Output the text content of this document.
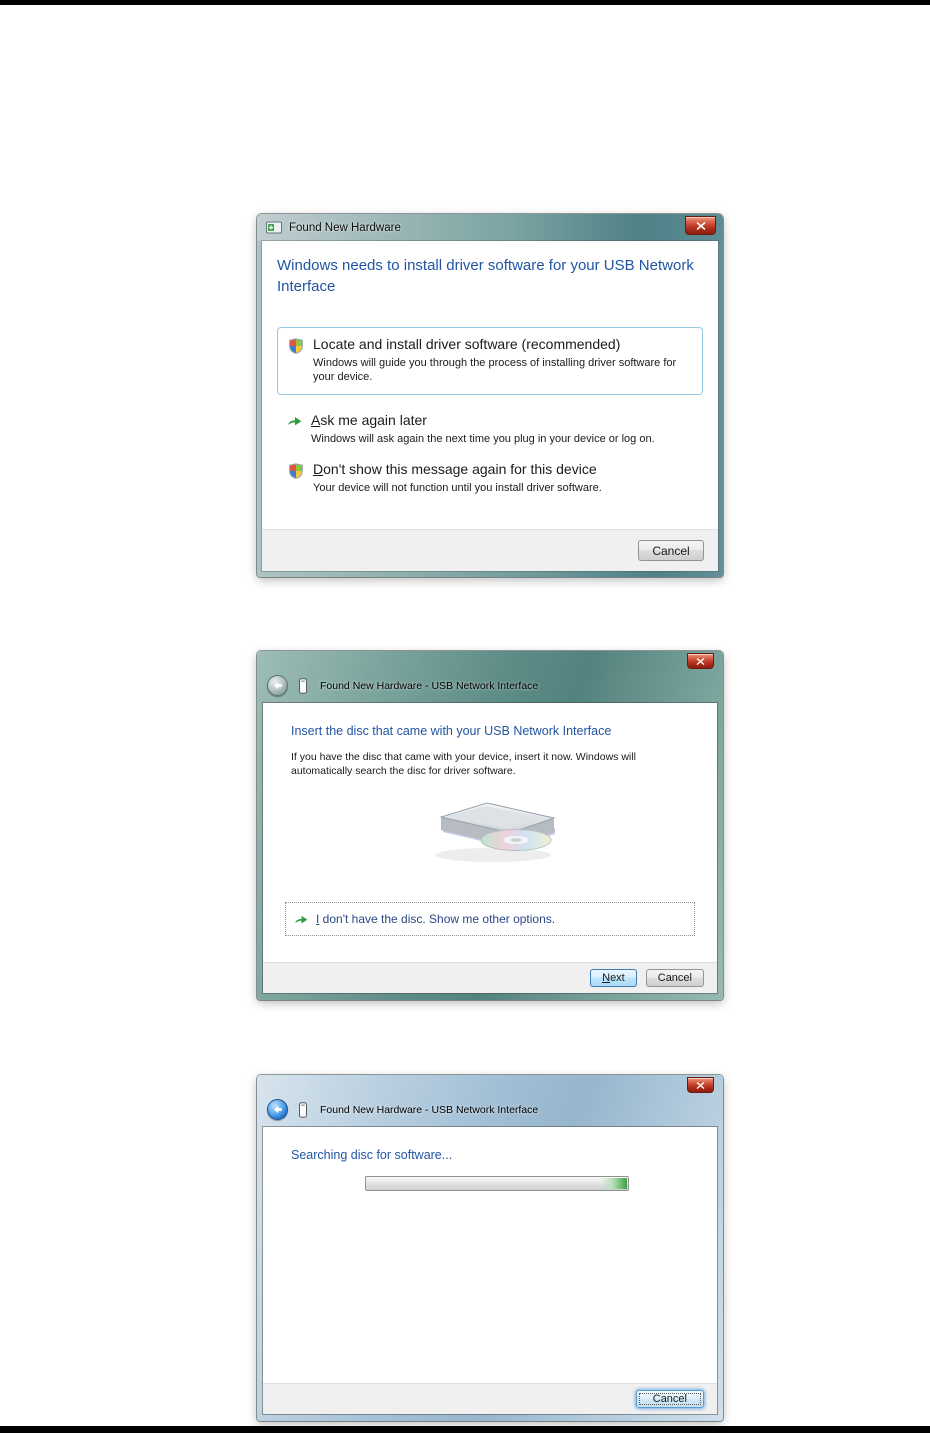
Found New Hardware
Windows needs to install driver software for your USB Network Interface
Locate and install driver software (recommended)
Windows will guide you through the process of installing driver software for your device.
Ask me again later
Windows will ask again the next time you plug in your device or log on.
Don't show this message again for this device
Your device will not function until you install driver software.
Cancel
Found New Hardware - USB Network Interface
Insert the disc that came with your USB Network Interface
If you have the disc that came with your device, insert it now. Windows will automatically search the disc for driver software.
I don't have the disc. Show me other options.
N ext	Cancel
Found New Hardware - USB Network Interface
Searching disc for software...
Cancel
